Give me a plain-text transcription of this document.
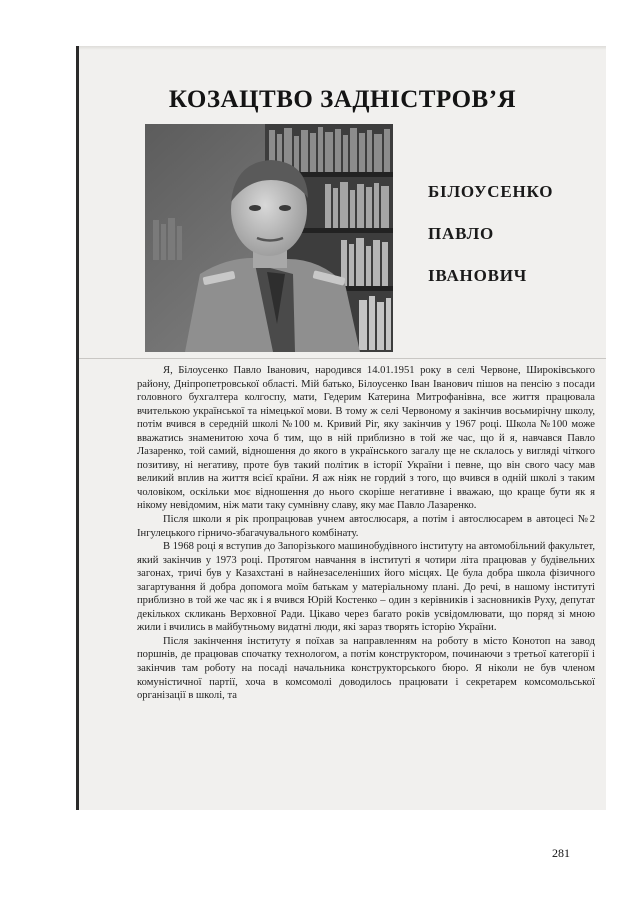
КОЗАЦТВО ЗАДНІСТРОВ’Я
БІЛОУСЕНКО
ПАВЛО
ІВАНОВИЧ

Я, Білоусенко Павло Іванович, народився 14.01.1951 року в селі Червоне, Широківського району, Дніпропетровської області. Мій батько, Білоусенко Іван Іванович пішов на пенсію з посади головного бухгалтера колгоспу, мати, Гедерим Катерина Митрофанівна, все життя працювала вчителькою української та німецької мови. В тому ж селі Червоному я закінчив восьмирічну школу, потім вчився в середній школі №100 м. Кривий Ріг, яку закінчив у 1967 році. Школа №100 може вважатись знаменитою хоча б тим, що в ній приблизно в той же час, що й я, навчався Павло Лазаренко, той самий, відношення до якого в українського загалу ще не склалось у вигляді чіткого позитиву, ні негативу, проте був такий політик в історії України і певне, що він свого часу мав великий вплив на життя всієї країни. Я аж ніяк не гордий з того, що вчився в одній школі з таким чоловіком, оскільки моє відношення до нього скоріше негативне і вважаю, що краще бути як я нікому невідомим, ніж мати таку сумнівну славу, яку має Павло Лазаренко.

Після школи я рік пропрацював учнем автослюсаря, а потім і автослюсарем в автоцесі №2 Інгулецького гірничо-збагачувального комбінату.

В 1968 році я вступив до Запорізького машинобудівного інституту на автомобільний факультет, який закінчив у 1973 році. Протягом навчання в інституті я чотири літа працював у будівельних загонах, тричі був у Казахстані в найнезаселеніших його місцях. Це була добра школа фізичного загартування й добра допомога моїм батькам у матеріальному плані. До речі, в нашому інституті приблизно в той же час як і я вчився Юрій Костенко – один з керівників і засновників Руху, депутат декількох скликань Верховної Ради. Цікаво через багато років усвідомлювати, що поряд зі мною жили і вчились в майбутньому видатні люди, які зараз творять історію України.

Після закінчення інституту я поїхав за направленням на роботу в місто Конотоп на завод поршнів, де працював спочатку технологом, а потім конструктором, починаючи з третьої категорії і закінчив там роботу на посаді начальника конструкторського бюро. Я ніколи не був членом комуністичної партії, хоча в комсомолі доводилось працювати і секретарем комсомольської організації в школі, та

281
